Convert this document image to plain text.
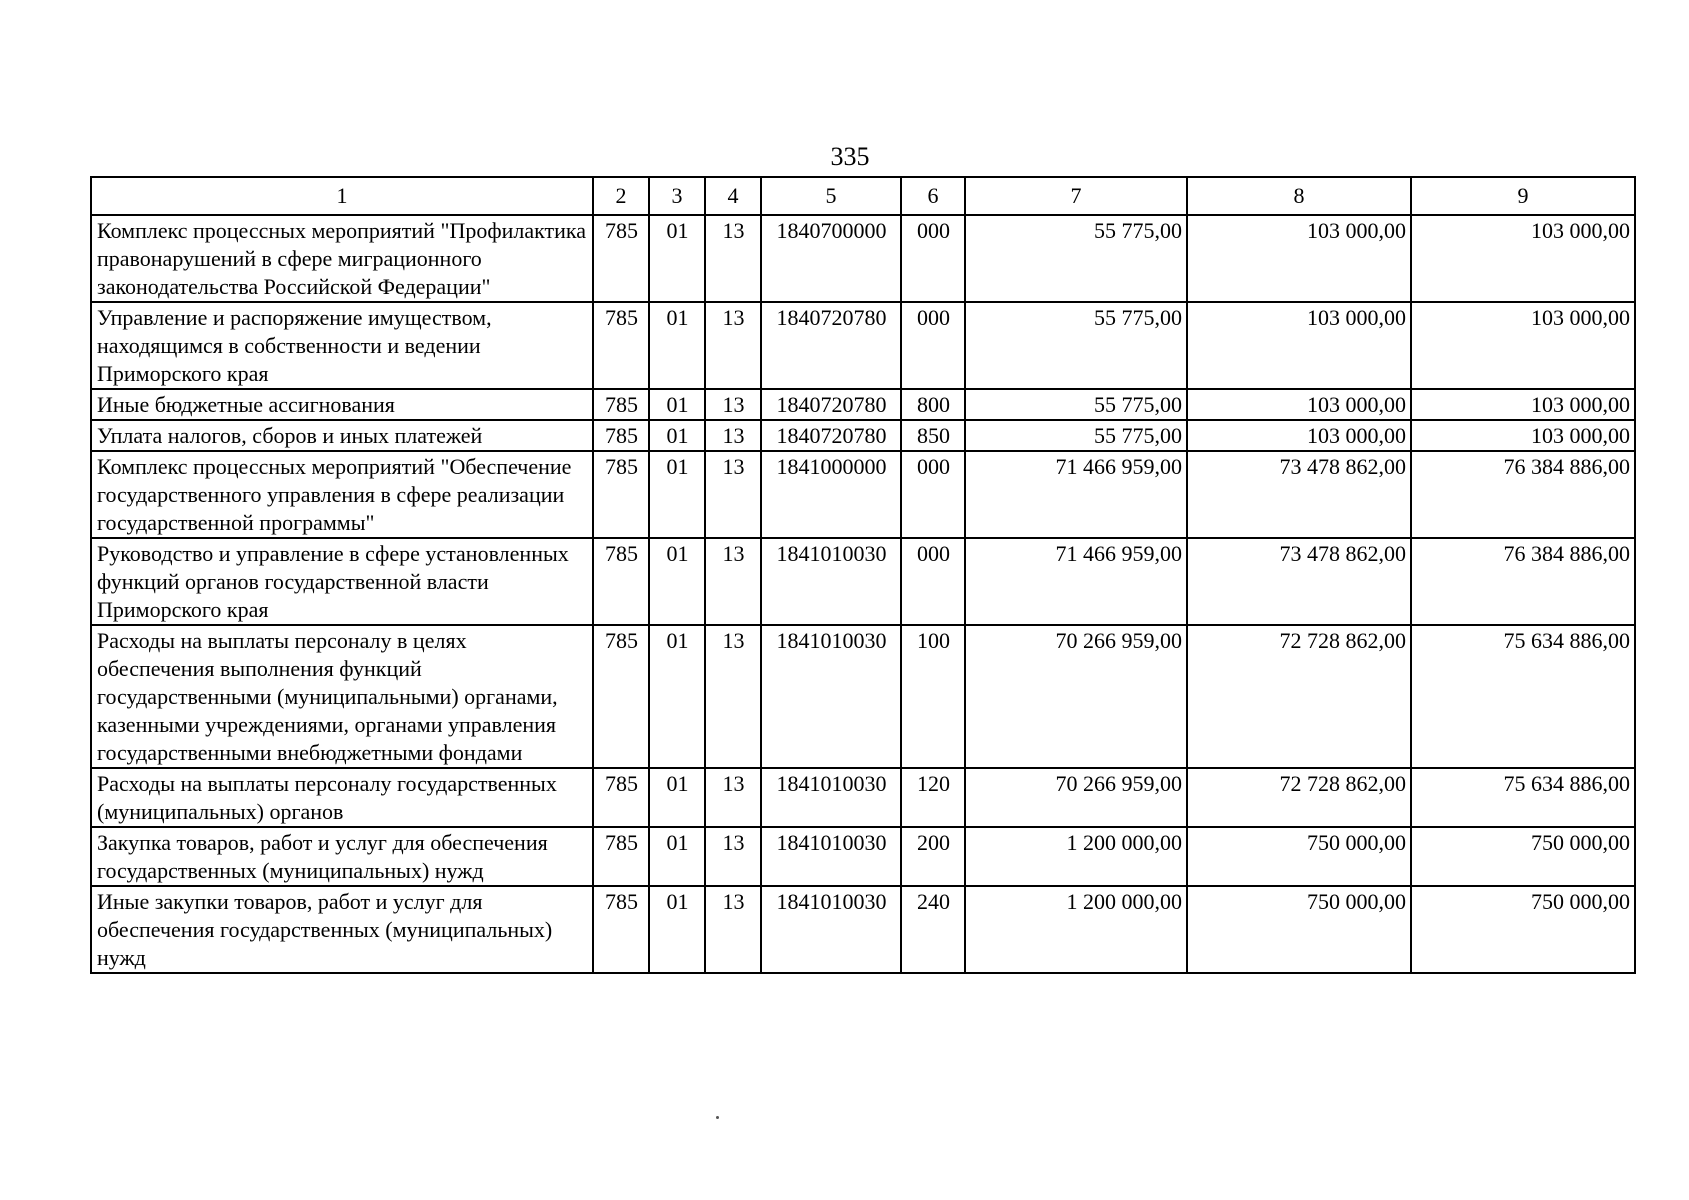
335
1	2	3	4	5	6	7	8	9
Комплекс процессных мероприятий "Профилактика правонарушений в сфере миграционного законодательства Российской Федерации"	785	01	13	1840700000	000	55 775,00	103 000,00	103 000,00
Управление и распоряжение имуществом, находящимся в собственности и ведении Приморского края	785	01	13	1840720780	000	55 775,00	103 000,00	103 000,00
Иные бюджетные ассигнования	785	01	13	1840720780	800	55 775,00	103 000,00	103 000,00
Уплата налогов, сборов и иных платежей	785	01	13	1840720780	850	55 775,00	103 000,00	103 000,00
Комплекс процессных мероприятий "Обеспечение государственного управления в сфере реализации государственной программы"	785	01	13	1841000000	000	71 466 959,00	73 478 862,00	76 384 886,00
Руководство и управление в сфере установленных функций органов государственной власти Приморского края	785	01	13	1841010030	000	71 466 959,00	73 478 862,00	76 384 886,00
Расходы на выплаты персоналу в целях обеспечения выполнения функций государственными (муниципальными) органами, казенными учреждениями, органами управления государственными внебюджетными фондами	785	01	13	1841010030	100	70 266 959,00	72 728 862,00	75 634 886,00
Расходы на выплаты персоналу государственных (муниципальных) органов	785	01	13	1841010030	120	70 266 959,00	72 728 862,00	75 634 886,00
Закупка товаров, работ и услуг для обеспечения государственных (муниципальных) нужд	785	01	13	1841010030	200	1 200 000,00	750 000,00	750 000,00
Иные закупки товаров, работ и услуг для обеспечения государственных (муниципальных) нужд	785	01	13	1841010030	240	1 200 000,00	750 000,00	750 000,00
